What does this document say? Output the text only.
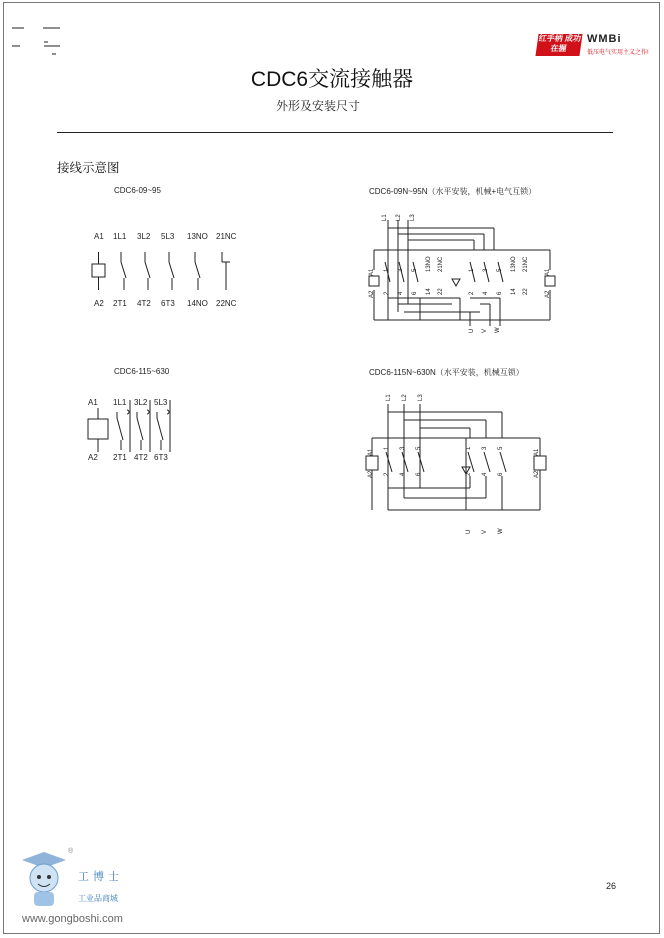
红手柄 成功在握
WMBi
低压电气实用主义之作!
CDC6交流接触器
外形及安装尺寸
接线示意图
CDC6-09~95	CDC6-09N~95N（水平安装，机械+电气互锁）
CDC6-115~630	CDC6-115N~630N（水平安装，机械互锁）
A1 1L1 3L2 5L3 13NO 21NC
A2 2T1 4T2 6T3 14NO 22NC
A1 1L1 3L2 5L3
A2 2T1 4T2 6T3
L1 L2 L3
A1
A2
A1
A2
1 3 5 13NO 21NC	1 3 5 13NO 21NC
2 4 6 14 22	2 4 6 14 22
U V W
L1 L2 L3
A1
A2
A1
A2
1 3 5	1 3 5
2 4 6	2 4 6
U V W
®
工博士
工业品商城
www.gongboshi.com
26
